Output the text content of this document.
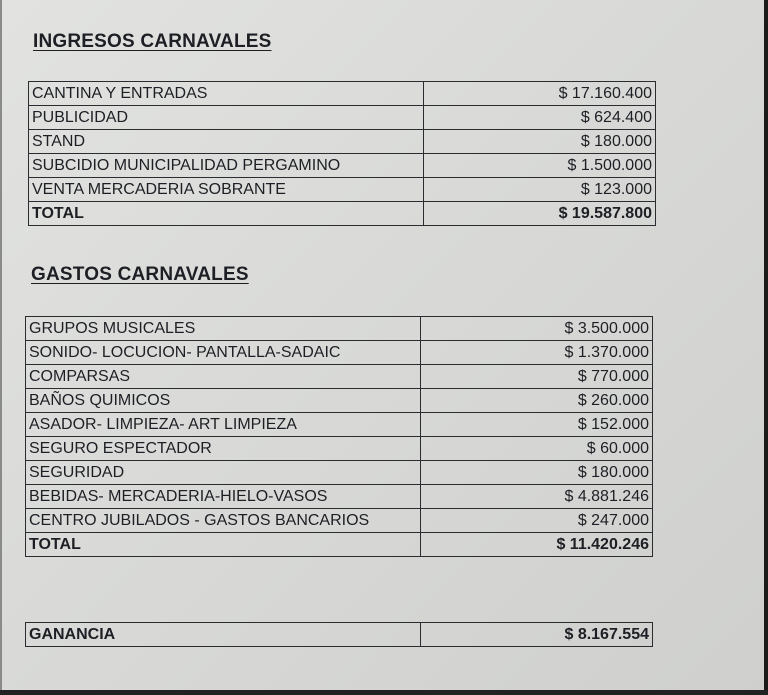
INGRESOS CARNAVALES
CANTINA Y ENTRADAS	$ 17.160.400
PUBLICIDAD	$ 624.400
STAND	$ 180.000
SUBCIDIO MUNICIPALIDAD PERGAMINO	$ 1.500.000
VENTA MERCADERIA SOBRANTE	$ 123.000
TOTAL	$ 19.587.800
GASTOS CARNAVALES
GRUPOS MUSICALES	$ 3.500.000
SONIDO- LOCUCION- PANTALLA-SADAIC	$ 1.370.000
COMPARSAS	$ 770.000
BAÑOS QUIMICOS	$ 260.000
ASADOR- LIMPIEZA- ART LIMPIEZA	$ 152.000
SEGURO ESPECTADOR	$ 60.000
SEGURIDAD	$ 180.000
BEBIDAS- MERCADERIA-HIELO-VASOS	$ 4.881.246
CENTRO JUBILADOS - GASTOS BANCARIOS	$ 247.000
TOTAL	$ 11.420.246
GANANCIA	$ 8.167.554
